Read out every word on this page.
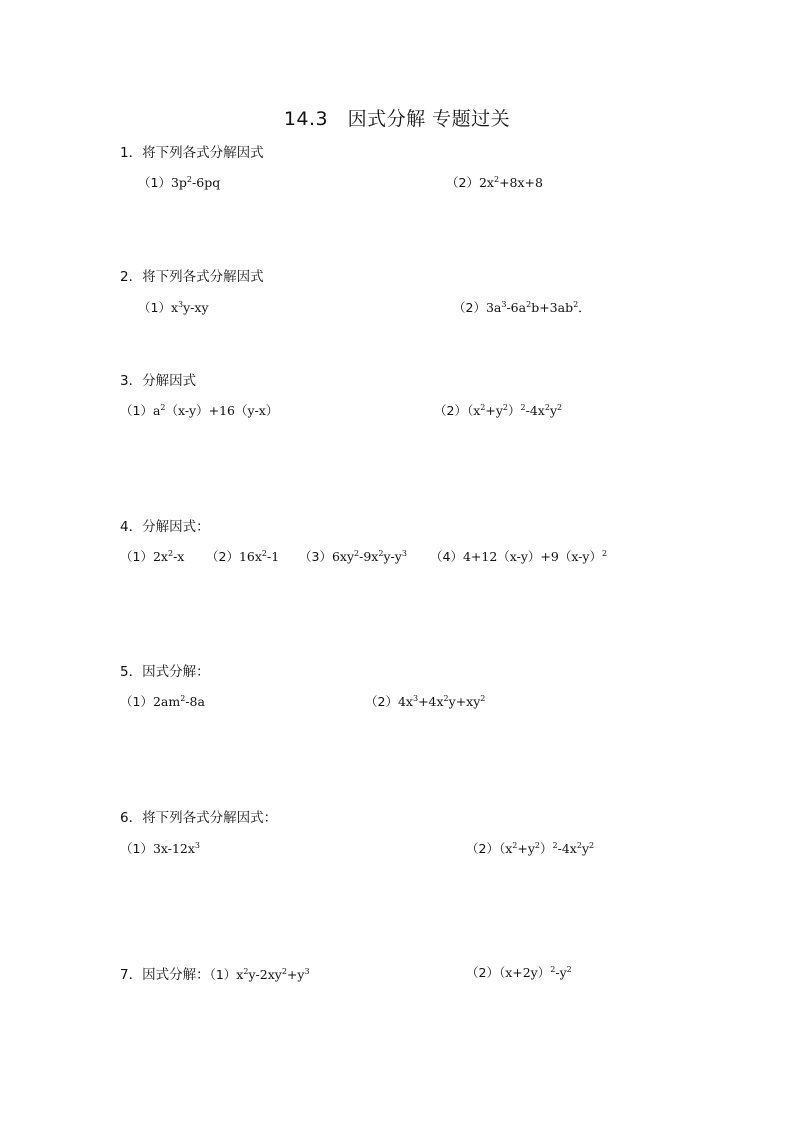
14.3　因式分解 专题过关
1．将下列各式分解因式
$(1)3p^2-6pq$	$(2)2x^2+8x+8$
2．将下列各式分解因式
$(1)x^3y-xy$	$(2)3a^3-6a^2b+3ab^2$．
3．分解因式
$(1)a^2(x-y)+16(y-x)$	$(2)(x^2+y^2)^2-4x^2y^2$
4．分解因式：
$(1)2x^2-x$ $(2)16x^2-1$ $(3)6xy^2-9x^2y-y^3$ $(4)4+12(x-y)+9(x-y)^2$
5．因式分解：
$(1)2am^2-8a$	$(2)4x^3+4x^2y+xy^2$
6．将下列各式分解因式：
$(1)3x-12x^3$	$(2)(x^2+y^2)^2-4x^2y^2$
7．因式分解：$(1)x^2y-2xy^2+y^3$	$(2)(x+2y)^2-y^2$
